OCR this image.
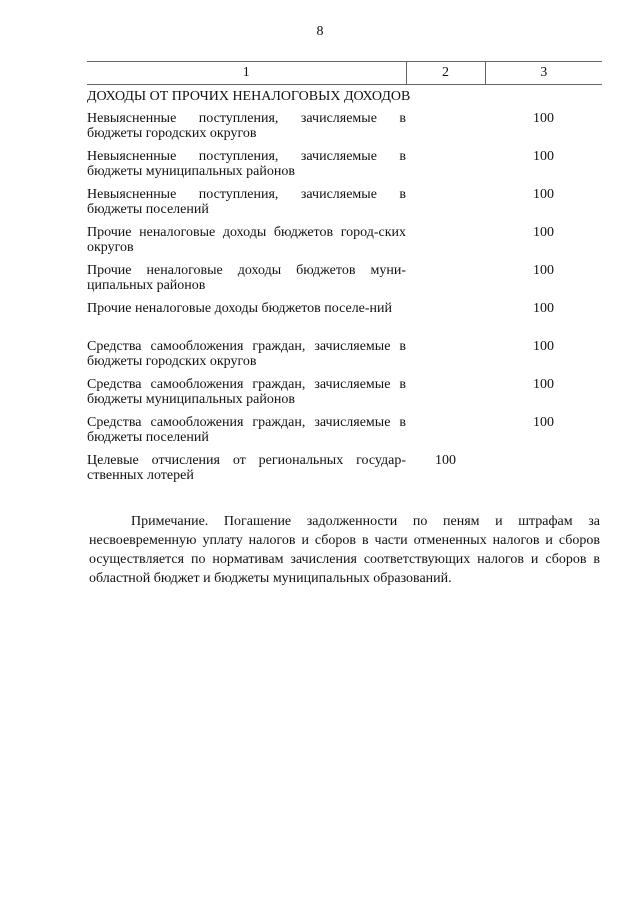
8
1	2	3
ДОХОДЫ ОТ ПРОЧИХ НЕНАЛОГОВЫХ ДОХОДОВ		
Невыясненные поступления, зачисляемые в бюджеты городских округов		100
Невыясненные поступления, зачисляемые в бюджеты муниципальных районов		100
Невыясненные поступления, зачисляемые в бюджеты поселений		100
Прочие неналоговые доходы бюджетов город-ских округов		100
Прочие неналоговые доходы бюджетов муни-ципальных районов		100
Прочие неналоговые доходы бюджетов поселе-ний		100
Средства самообложения граждан, зачисляемые в бюджеты городских округов		100
Средства самообложения граждан, зачисляемые в бюджеты муниципальных районов		100
Средства самообложения граждан, зачисляемые в бюджеты поселений		100
Целевые отчисления от региональных государ-ственных лотерей	100	

Примечание. Погашение задолженности по пеням и штрафам за несвоевременную уплату налогов и сборов в части отмененных налогов и сборов осуществляется по нормативам зачисления соответствующих налогов и сборов в областной бюджет и бюджеты муниципальных образований.
